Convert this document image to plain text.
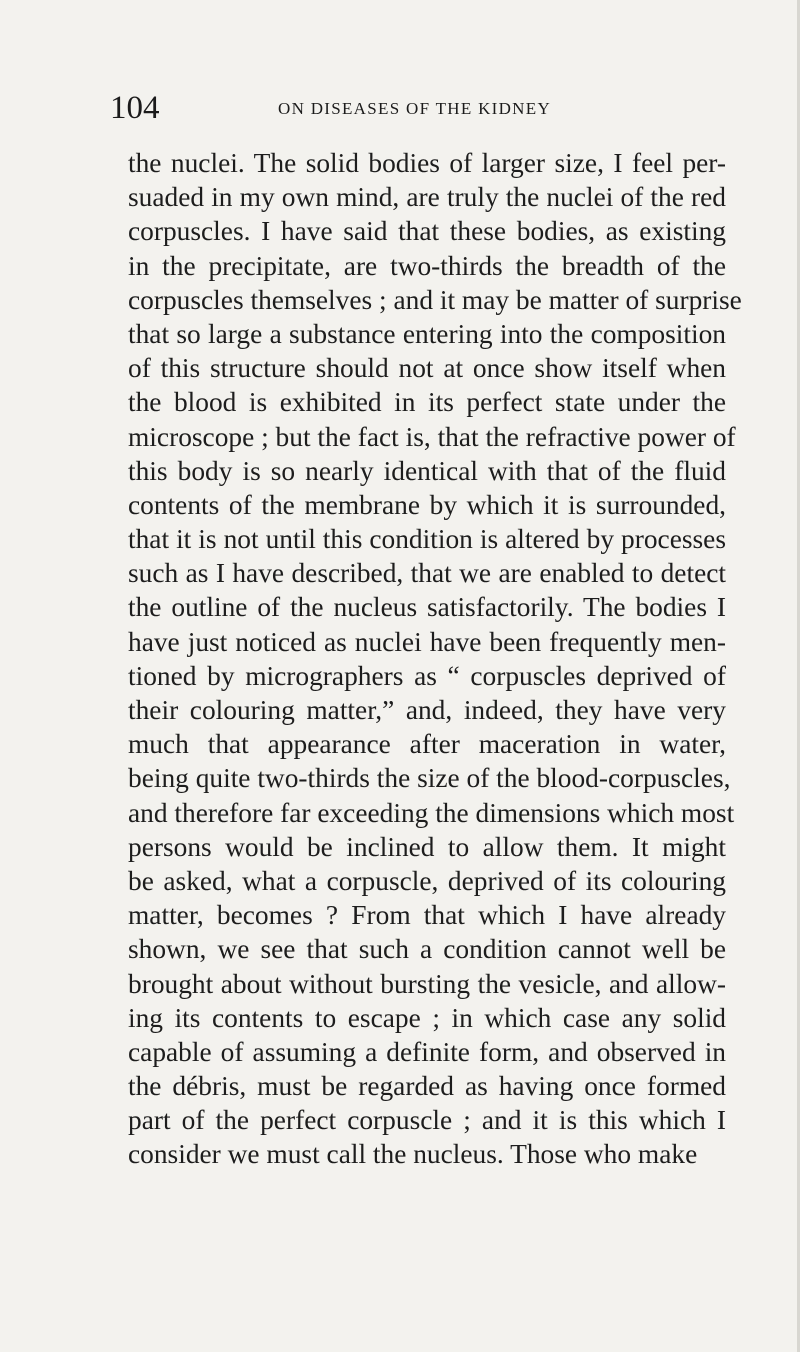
104	ON DISEASES OF THE KIDNEY
the nuclei. The solid bodies of larger size, I feel per-
suaded in my own mind, are truly the nuclei of the red
corpuscles. I have said that these bodies, as existing
in the precipitate, are two-thirds the breadth of the
corpuscles themselves ; and it may be matter of surprise
that so large a substance entering into the composition
of this structure should not at once show itself when
the blood is exhibited in its perfect state under the
microscope ; but the fact is, that the refractive power of
this body is so nearly identical with that of the fluid
contents of the membrane by which it is surrounded,
that it is not until this condition is altered by processes
such as I have described, that we are enabled to detect
the outline of the nucleus satisfactorily. The bodies I
have just noticed as nuclei have been frequently men-
tioned by micrographers as “ corpuscles deprived of
their colouring matter,” and, indeed, they have very
much that appearance after maceration in water,
being quite two-thirds the size of the blood-corpuscles,
and therefore far exceeding the dimensions which most
persons would be inclined to allow them. It might
be asked, what a corpuscle, deprived of its colouring
matter, becomes ? From that which I have already
shown, we see that such a condition cannot well be
brought about without bursting the vesicle, and allow-
ing its contents to escape ; in which case any solid
capable of assuming a definite form, and observed in
the débris, must be regarded as having once formed
part of the perfect corpuscle ; and it is this which I
consider we must call the nucleus. Those who make
